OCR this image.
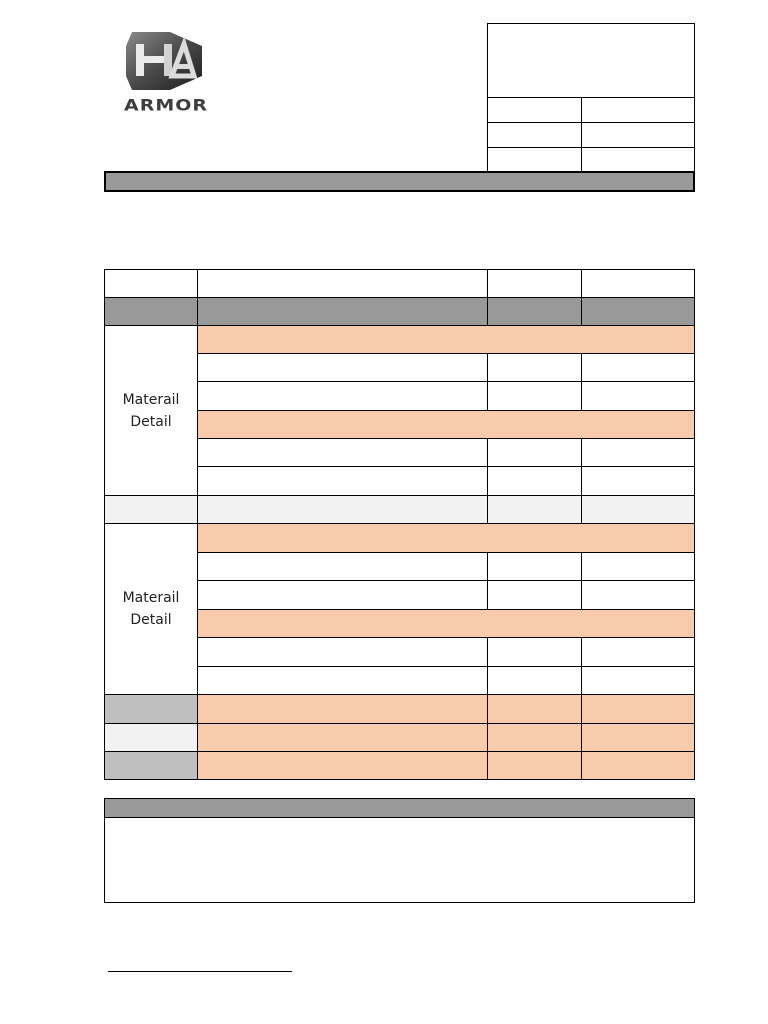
ARMOR
Materail
Detail
Materail
Detail
